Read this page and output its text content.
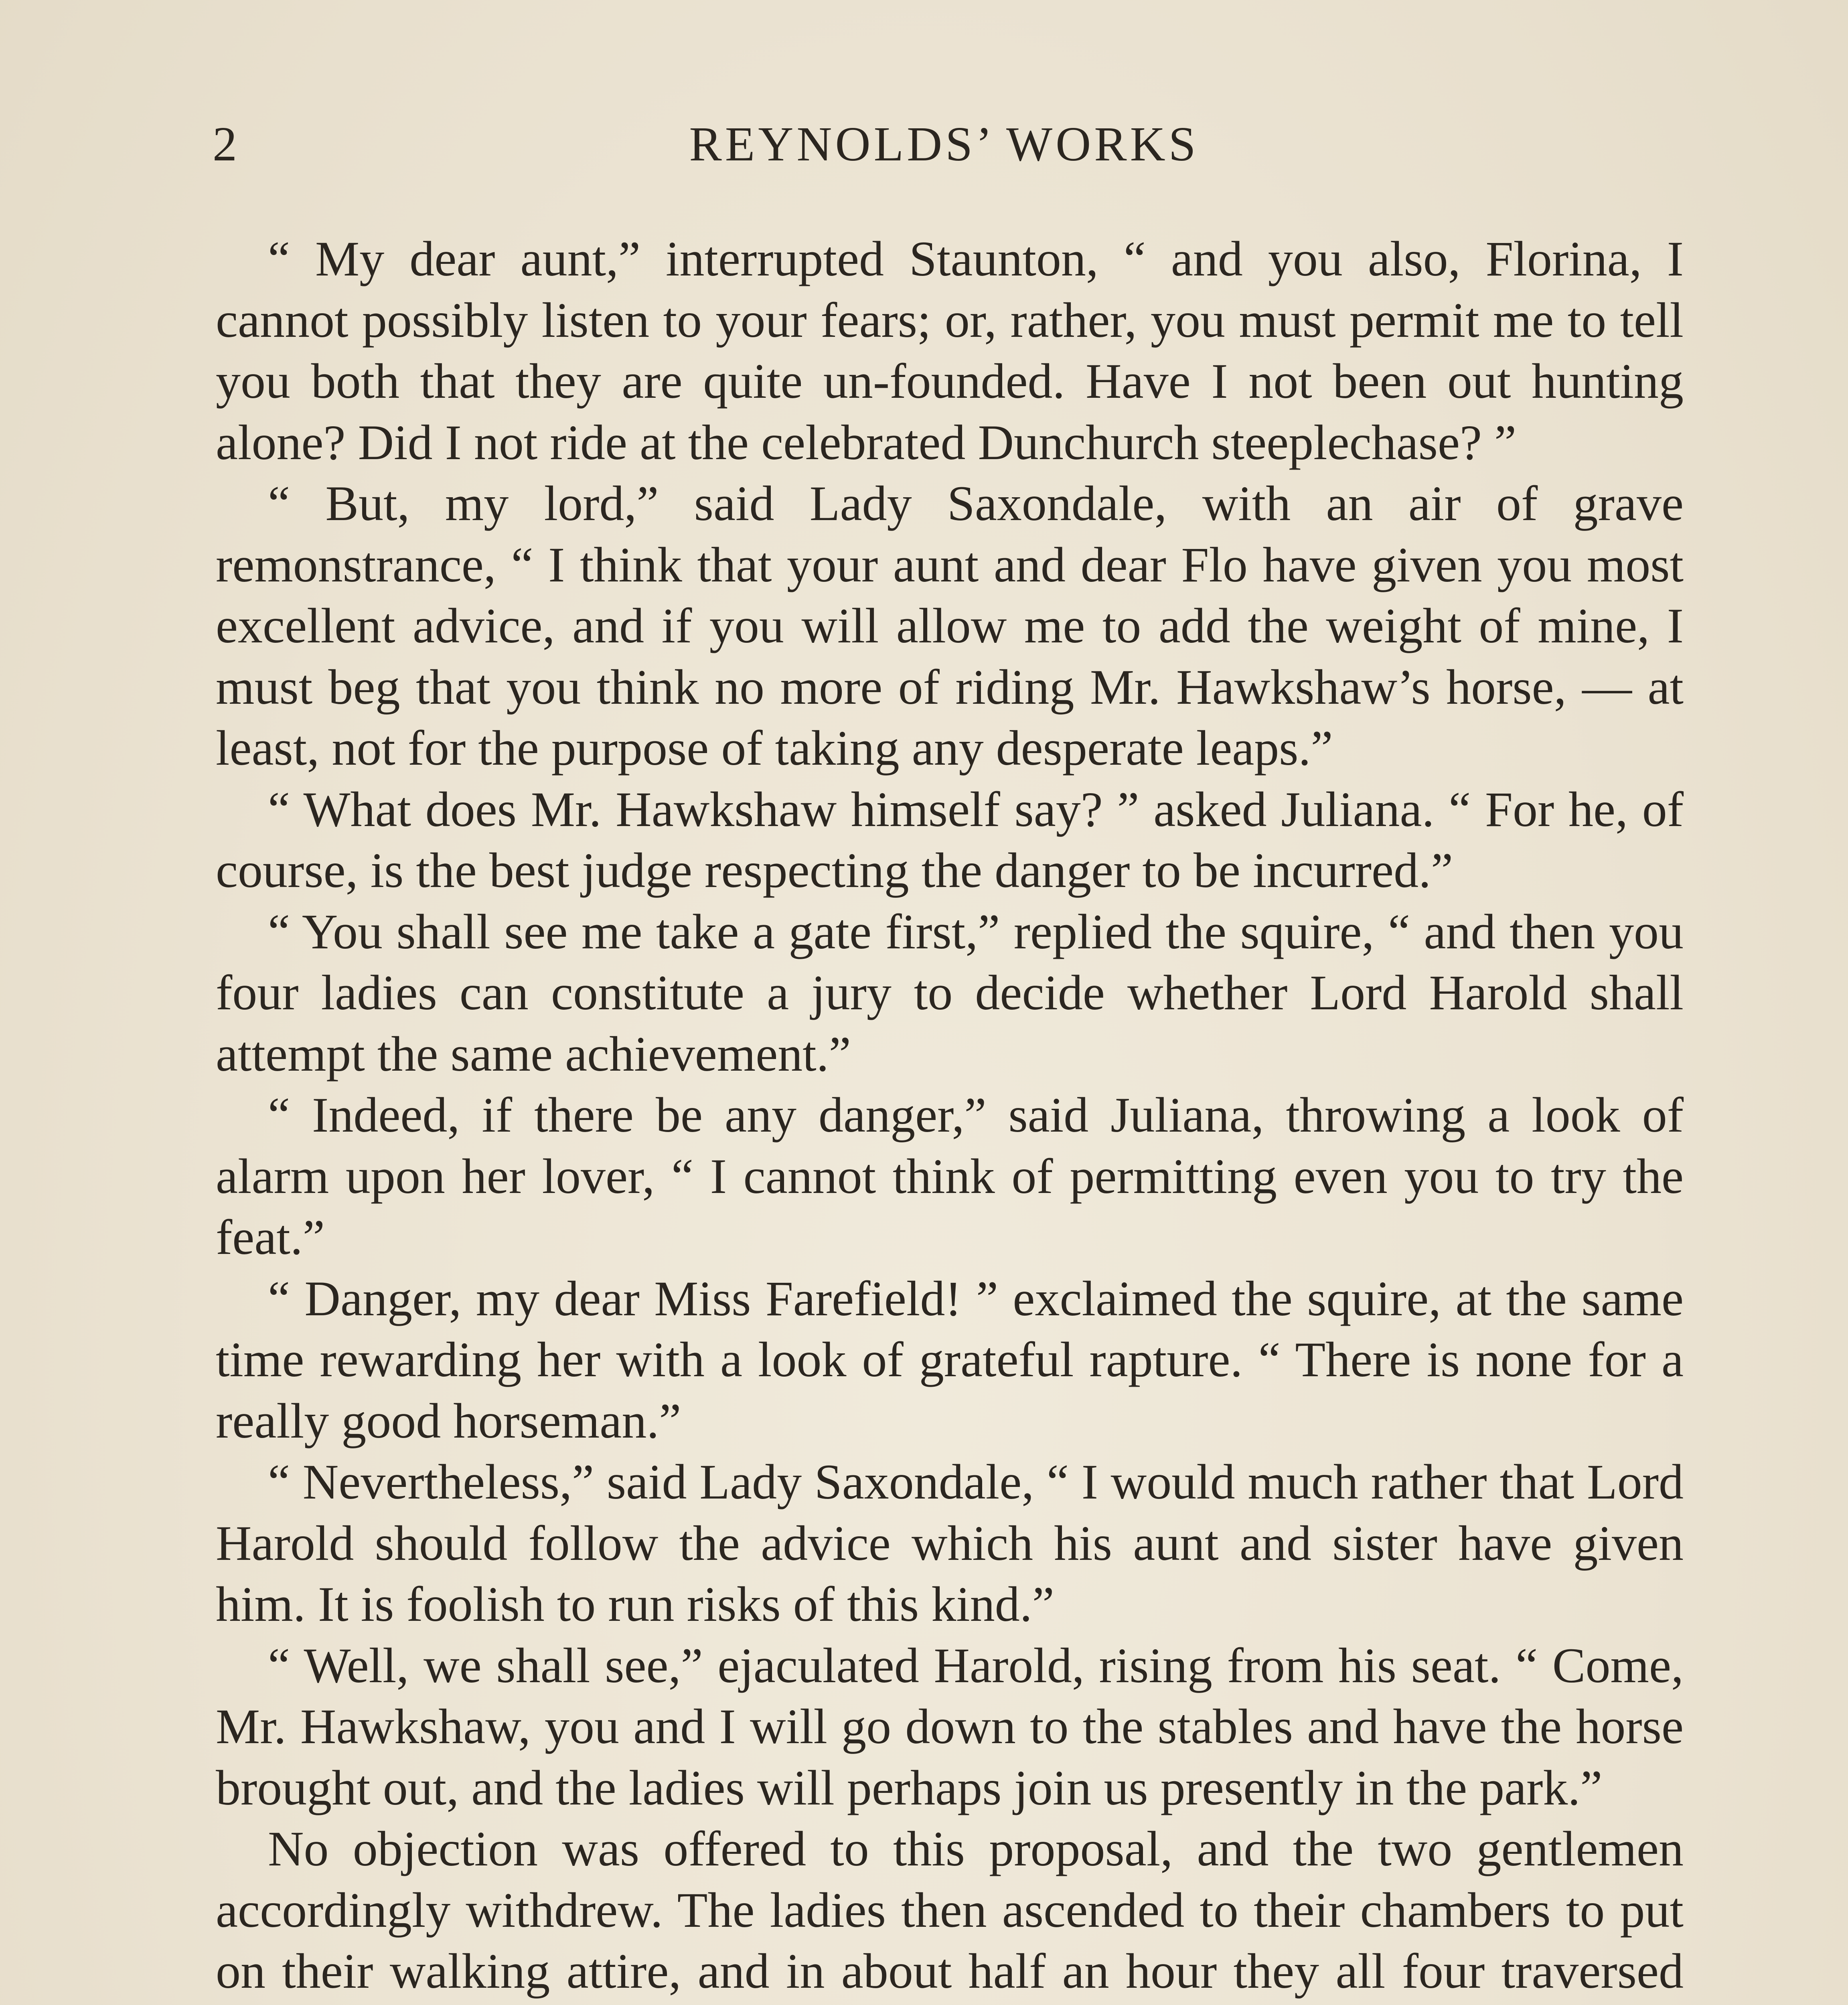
2	REYNOLDS’ WORKS

“ My dear aunt,” interrupted Staunton, “ and you also, Florina, I cannot possibly listen to your fears; or, rather, you must permit me to tell you both that they are quite un-founded. Have I not been out hunting alone? Did I not ride at the celebrated Dunchurch steeplechase? ”

“ But, my lord,” said Lady Saxondale, with an air of grave remonstrance, “ I think that your aunt and dear Flo have given you most excellent advice, and if you will allow me to add the weight of mine, I must beg that you think no more of riding Mr. Hawkshaw’s horse, — at least, not for the purpose of taking any desperate leaps.”

“ What does Mr. Hawkshaw himself say? ” asked Juliana. “ For he, of course, is the best judge respecting the danger to be incurred.”

“ You shall see me take a gate first,” replied the squire, “ and then you four ladies can constitute a jury to decide whether Lord Harold shall attempt the same achievement.”

“ Indeed, if there be any danger,” said Juliana, throwing a look of alarm upon her lover, “ I cannot think of permitting even you to try the feat.”

“ Danger, my dear Miss Farefield! ” exclaimed the squire, at the same time rewarding her with a look of grateful rapture. “ There is none for a really good horseman.”

“ Nevertheless,” said Lady Saxondale, “ I would much rather that Lord Harold should follow the advice which his aunt and sister have given him. It is foolish to run risks of this kind.”

“ Well, we shall see,” ejaculated Harold, rising from his seat. “ Come, Mr. Hawkshaw, you and I will go down to the stables and have the horse brought out, and the ladies will perhaps join us presently in the park.”

No objection was offered to this proposal, and the two gentlemen accordingly withdrew. The ladies then ascended to their chambers to put on their walking attire, and in about half an hour they all four traversed
